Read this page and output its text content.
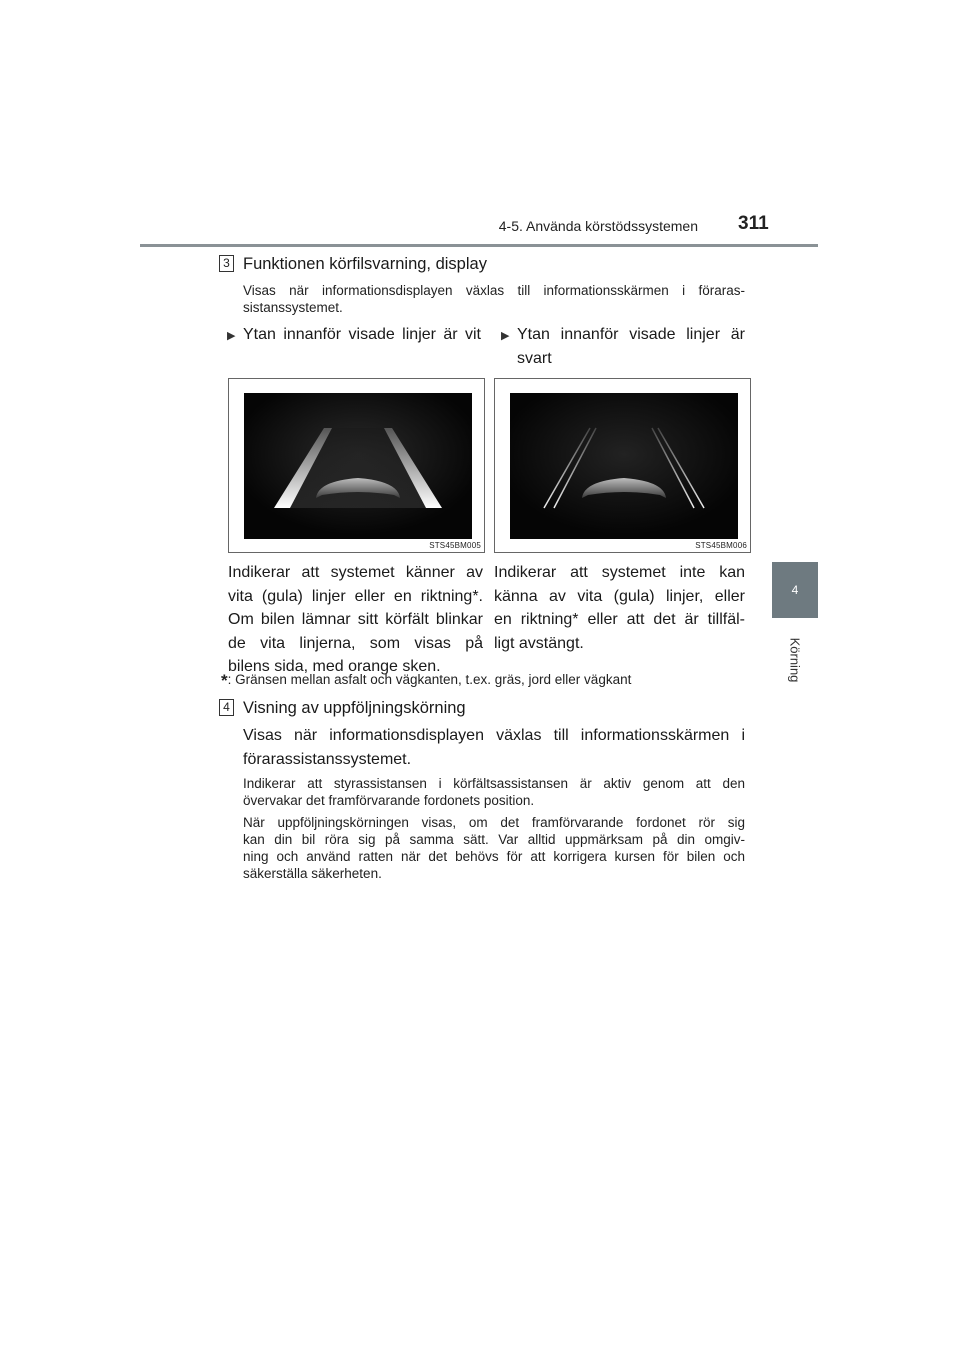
4-5. Använda körstödssystemen 311
4
Körning
3 Funktionen körfilsvarning, display
Visas när informationsdisplayen växlas till informationsskärmen i föraras-
sistanssystemet.
▶ Ytan innanför visade linjer är vit ▶ Ytan innanför visade linjer är
svart
STS45BM005	STS45BM006
Indikerar att systemet känner av
vita (gula) linjer eller en riktning*.
Om bilen lämnar sitt körfält blinkar
de vita linjerna, som visas på
bilens sida, med orange sken.
Indikerar att systemet inte kan
känna av vita (gula) linjer, eller
en riktning* eller att det är tillfäl-
ligt avstängt.
*: Gränsen mellan asfalt och vägkanten, t.ex. gräs, jord eller vägkant
4 Visning av uppföljningskörning
Visas när informationsdisplayen växlas till informationsskärmen i
förarassistanssystemet.
Indikerar att styrassistansen i körfältsassistansen är aktiv genom att den
övervakar det framförvarande fordonets position.
När uppföljningskörningen visas, om det framförvarande fordonet rör sig
kan din bil röra sig på samma sätt. Var alltid uppmärksam på din omgiv-
ning och använd ratten när det behövs för att korrigera kursen för bilen och
säkerställa säkerheten.
